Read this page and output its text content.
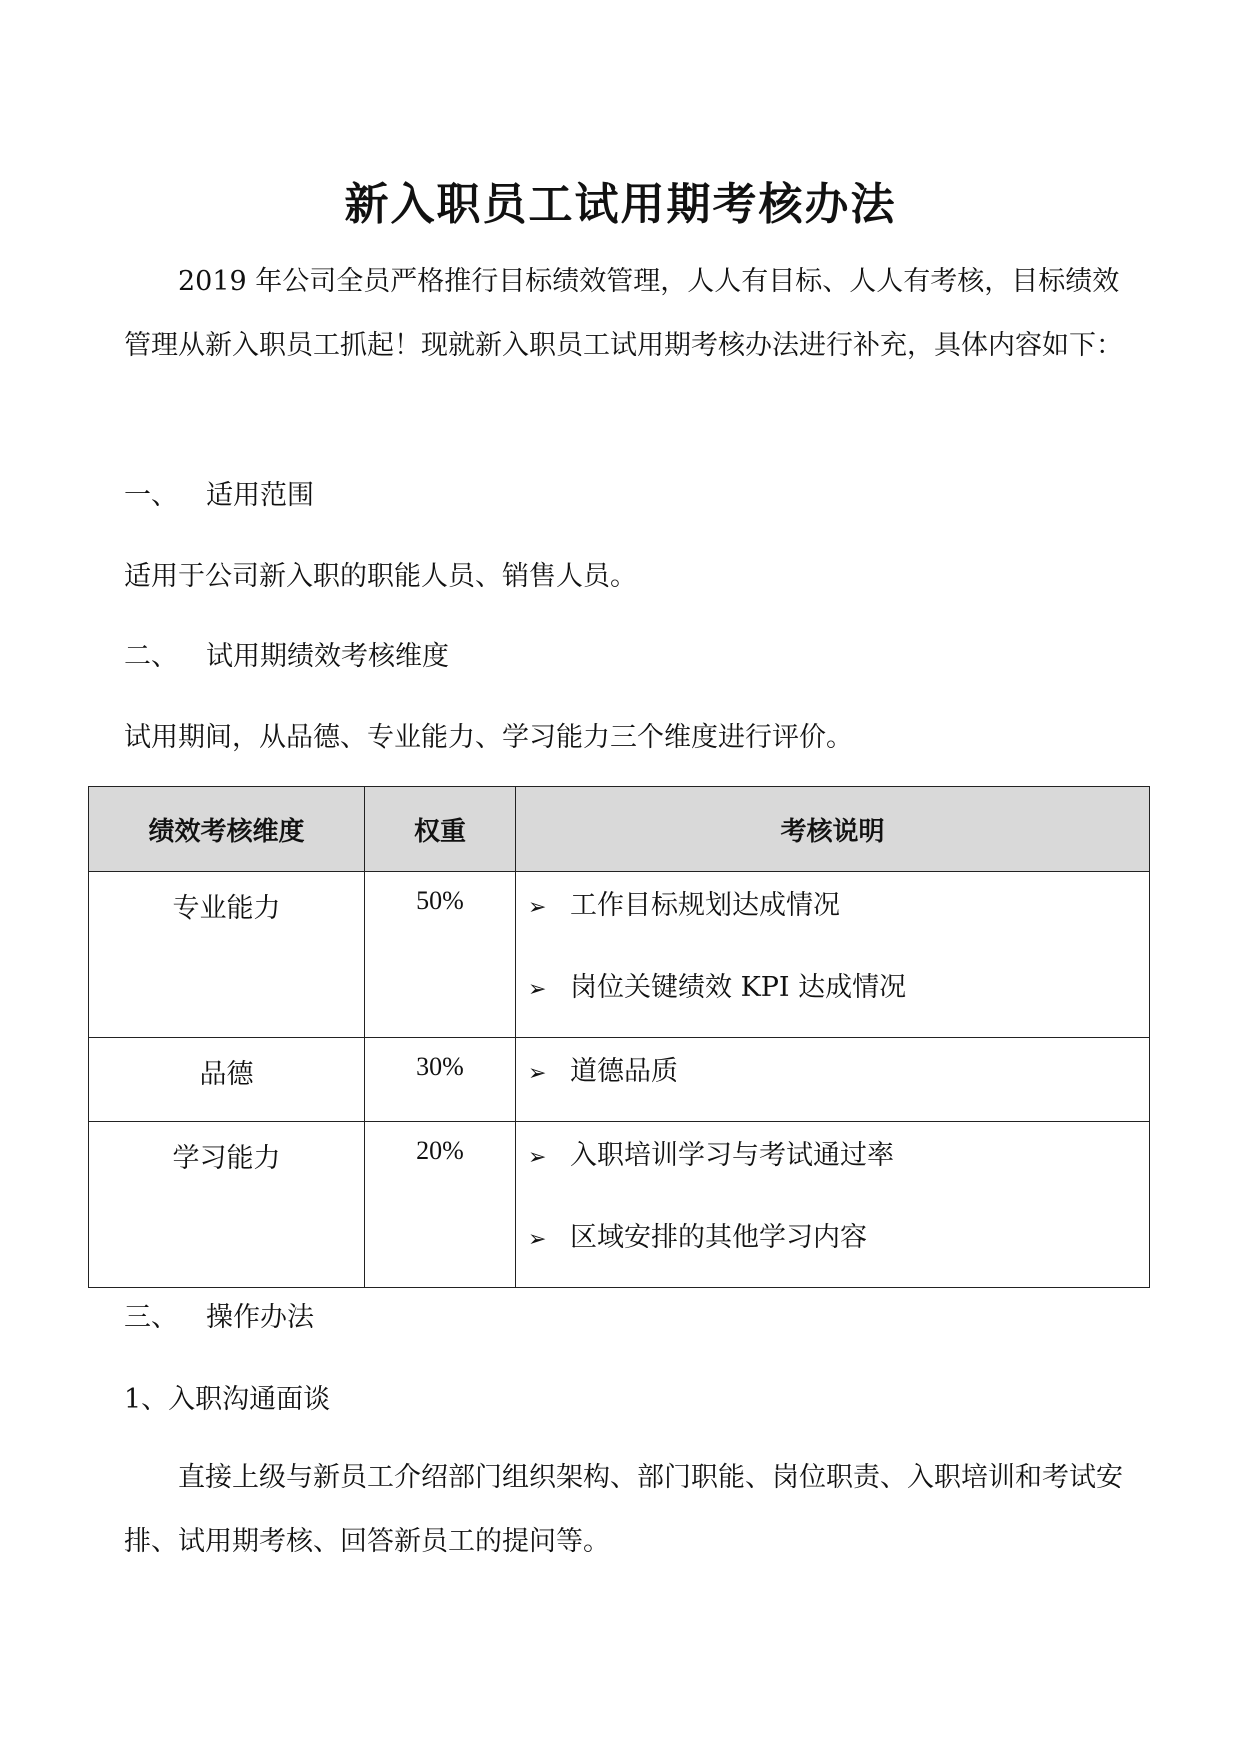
新入职员工试用期考核办法
2019 年公司全员严格推行目标绩效管理，人人有目标、人人有考核，目标绩效管理从新入职员工抓起！现就新入职员工试用期考核办法进行补充，具体内容如下：
一、 适用范围
适用于公司新入职的职能人员、销售人员。
二、 试用期绩效考核维度
试用期间，从品德、专业能力、学习能力三个维度进行评价。
绩效考核维度	权重	考核说明
专业能力	50%	➢ 工作目标规划达成情况
➢ 岗位关键绩效 KPI 达成情况

品德	30%	➢ 道德品质

学习能力	20%	➢ 入职培训学习与考试通过率
➢ 区域安排的其他学习内容
三、 操作办法
1、入职沟通面谈
直接上级与新员工介绍部门组织架构、部门职能、岗位职责、入职培训和考试安排、试用期考核、回答新员工的提问等。
